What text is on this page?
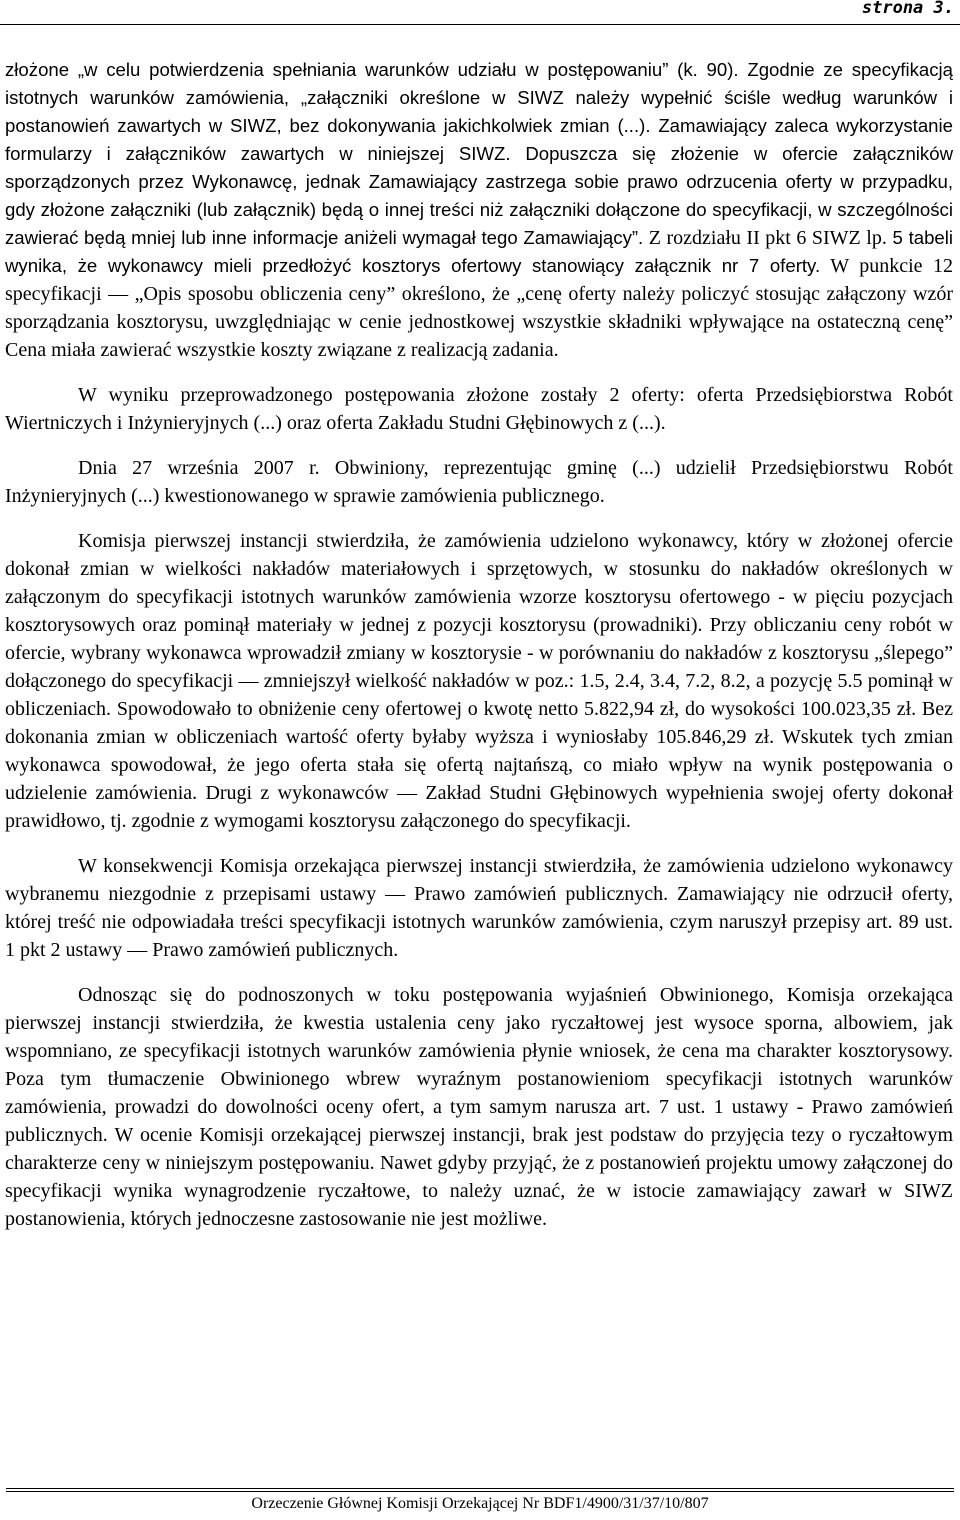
strona 3.

złożone „w celu potwierdzenia spełniania warunków udziału w postępowaniu” (k. 90). Zgodnie ze specyfikacją istotnych warunków zamówienia, „załączniki określone w SIWZ należy wypełnić ściśle według warunków i postanowień zawartych w SIWZ, bez dokonywania jakichkolwiek zmian (...). Zamawiający zaleca wykorzystanie formularzy i załączników zawartych w niniejszej SIWZ. Dopuszcza się złożenie w ofercie załączników sporządzonych przez Wykonawcę, jednak Zamawiający zastrzega sobie prawo odrzucenia oferty w przypadku, gdy złożone załączniki (lub załącznik) będą o innej treści niż załączniki dołączone do specyfikacji, w szczególności zawierać będą mniej lub inne informacje aniżeli wymagał tego Zamawiający”. Z rozdziału II pkt 6 SIWZ lp. 5 tabeli wynika, że wykonawcy mieli przedłożyć kosztorys ofertowy stanowiący załącznik nr 7 oferty. W punkcie 12 specyfikacji — „Opis sposobu obliczenia ceny” określono, że „cenę oferty należy policzyć stosując załączony wzór sporządzania kosztorysu, uwzględniając w cenie jednostkowej wszystkie składniki wpływające na ostateczną cenę” Cena miała zawierać wszystkie koszty związane z realizacją zadania.

W wyniku przeprowadzonego postępowania złożone zostały 2 oferty: oferta Przedsiębiorstwa Robót Wiertniczych i Inżynieryjnych (...) oraz oferta Zakładu Studni Głębinowych z (...).

Dnia 27 września 2007 r. Obwiniony, reprezentując gminę (...) udzielił Przedsiębiorstwu Robót Inżynieryjnych (...) kwestionowanego w sprawie zamówienia publicznego.

Komisja pierwszej instancji stwierdziła, że zamówienia udzielono wykonawcy, który w złożonej ofercie dokonał zmian w wielkości nakładów materiałowych i sprzętowych, w stosunku do nakładów określonych w załączonym do specyfikacji istotnych warunków zamówienia wzorze kosztorysu ofertowego - w pięciu pozycjach kosztorysowych oraz pominął materiały w jednej z pozycji kosztorysu (prowadniki). Przy obliczaniu ceny robót w ofercie, wybrany wykonawca wprowadził zmiany w kosztorysie - w porównaniu do nakładów z kosztorysu „ślepego” dołączonego do specyfikacji — zmniejszył wielkość nakładów w poz.: 1.5, 2.4, 3.4, 7.2, 8.2, a pozycję 5.5 pominął w obliczeniach. Spowodowało to obniżenie ceny ofertowej o kwotę netto 5.822,94 zł, do wysokości 100.023,35 zł. Bez dokonania zmian w obliczeniach wartość oferty byłaby wyższa i wyniosłaby 105.846,29 zł. Wskutek tych zmian wykonawca spowodował, że jego oferta stała się ofertą najtańszą, co miało wpływ na wynik postępowania o udzielenie zamówienia. Drugi z wykonawców — Zakład Studni Głębinowych wypełnienia swojej oferty dokonał prawidłowo, tj. zgodnie z wymogami kosztorysu załączonego do specyfikacji.

W konsekwencji Komisja orzekająca pierwszej instancji stwierdziła, że zamówienia udzielono wykonawcy wybranemu niezgodnie z przepisami ustawy — Prawo zamówień publicznych. Zamawiający nie odrzucił oferty, której treść nie odpowiadała treści specyfikacji istotnych warunków zamówienia, czym naruszył przepisy art. 89 ust. 1 pkt 2 ustawy — Prawo zamówień publicznych.

Odnosząc się do podnoszonych w toku postępowania wyjaśnień Obwinionego, Komisja orzekająca pierwszej instancji stwierdziła, że kwestia ustalenia ceny jako ryczałtowej jest wysoce sporna, albowiem, jak wspomniano, ze specyfikacji istotnych warunków zamówienia płynie wniosek, że cena ma charakter kosztorysowy. Poza tym tłumaczenie Obwinionego wbrew wyraźnym postanowieniom specyfikacji istotnych warunków zamówienia, prowadzi do dowolności oceny ofert, a tym samym narusza art. 7 ust. 1 ustawy - Prawo zamówień publicznych. W ocenie Komisji orzekającej pierwszej instancji, brak jest podstaw do przyjęcia tezy o ryczałtowym charakterze ceny w niniejszym postępowaniu. Nawet gdyby przyjąć, że z postanowień projektu umowy załączonej do specyfikacji wynika wynagrodzenie ryczałtowe, to należy uznać, że w istocie zamawiający zawarł w SIWZ postanowienia, których jednoczesne zastosowanie nie jest możliwe.

Orzeczenie Głównej Komisji Orzekającej Nr BDF1/4900/31/37/10/807
